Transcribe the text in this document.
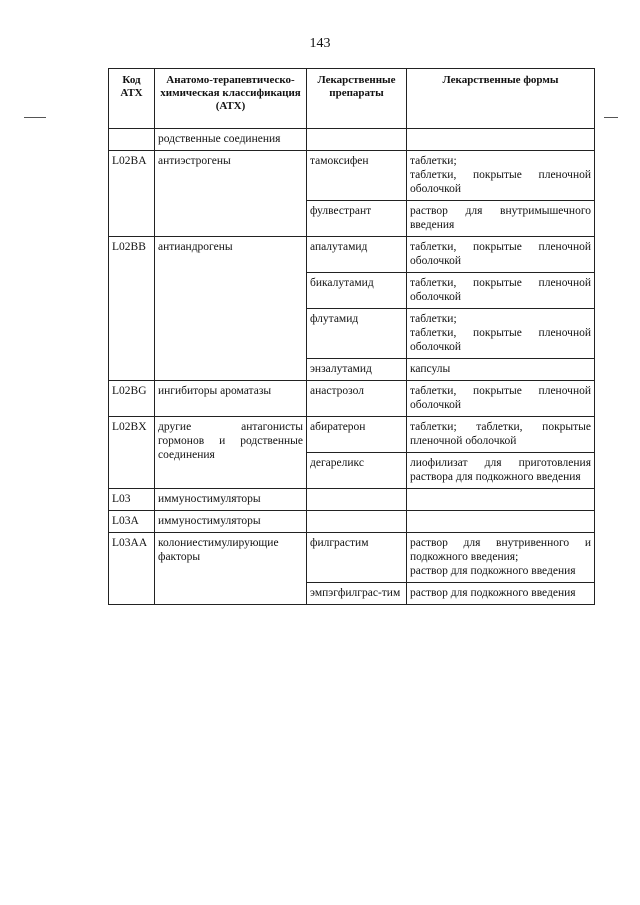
143
Код АТХ	Анатомо-терапевтическо-химическая классификация (АТХ)	Лекарственные препараты	Лекарственные формы
	родственные соединения		
L02BA	антиэстрогены	тамоксифен	таблетки;
таблетки, покрытые пленочной оболочкой

		фулвестрант	раствор для внутримышечного введения

L02BB	антиандрогены	апалутамид	таблетки, покрытые пленочной оболочкой

		бикалутамид	таблетки, покрытые пленочной оболочкой

		флутамид	таблетки;
таблетки, покрытые пленочной оболочкой

		энзалутамид	капсулы

L02BG	ингибиторы ароматазы	анастрозол	таблетки, покрытые пленочной оболочкой

L02BX	другие антагонисты гормонов и родственные соединения	абиратерон	таблетки; таблетки, покрытые пленочной оболочкой

		дегареликс	лиофилизат для приготовления раствора для подкожного введения

L03	иммуностимуляторы		
L03A	иммуностимуляторы		
L03AA	колониестимулирующие факторы	филграстим	раствор для внутривенного и подкожного введения;
раствор для подкожного введения

		эмпэгфилграс-тим	раствор для подкожного введения
